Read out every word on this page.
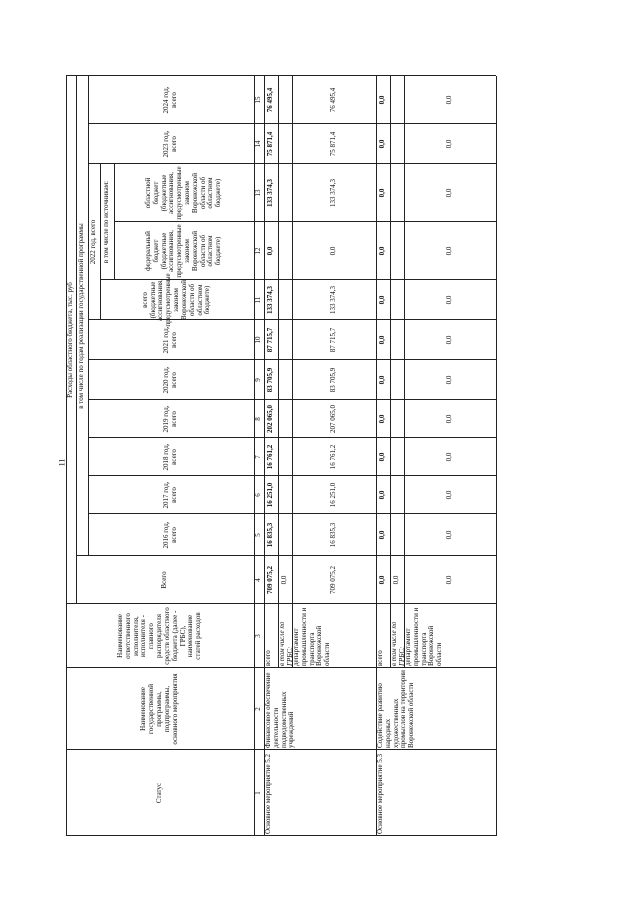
11
Статус
Наименование государственной программы, подпрограммы, основного мероприятия
Наименование ответственного исполнителя, исполнителя - главного распорядителя средств областного бюджета (далее - ГРБС), наименование статей расходов
Расходы областного бюджета, тыс. руб
Всего
в том числе по годам реализации государственной программы
2016 год, всего
2017 год, всего
2018 год, всего
2019 год, всего
2020 год, всего
2021 год, всего
2022 год, всего
всего (бюджетные ассигнования, предусмотренные законом Воронежской области об областном бюджете)
в том числе по источникам:	федеральный бюджет (бюджетные ассигнования, предусмотренные законом Воронежской области об областном бюджете)
областной бюджет (бюджетные ассигнования, предусмотренные законом Воронежской области об областном бюджете)
2023 год, всего
2024 год, всего
1
2
3
4
5
6
7
8
9
10
11
12
13
14
15
Основное мероприятие 5.2
Финансовое обеспечение деятельности подведомственных учреждений
всего
709 075,2
16 835,3
16 251,0
16 761,2
202 065,0
83 705,9
87 715,7
133 374,3
0,0
133 374,3
75 871,4
76 495,4
в том числе по ГРБС:
0,0
департамент промышленности и транспорта Воронежской области
709 075,2
16 835,3
16 251,0
16 761,2
207 065,0
83 705,9
87 715,7
133 374,3
0,0
133 374,3
75 871,4
76 495,4
Основное мероприятие 5.3
Содействие развитию народных художественных промыслов на территории Воронежской области
всего
0,0
0,0
0,0
0,0
0,0
0,0
0,0
0,0
0,0
0,0
0,0
0,0
в том числе по ГРБС:
0,0
департамент промышленности и транспорта Воронежской области
0,0
0,0
0,0
0,0
0,0
0,0
0,0
0,0
0,0
0,0
0,0
0,0
